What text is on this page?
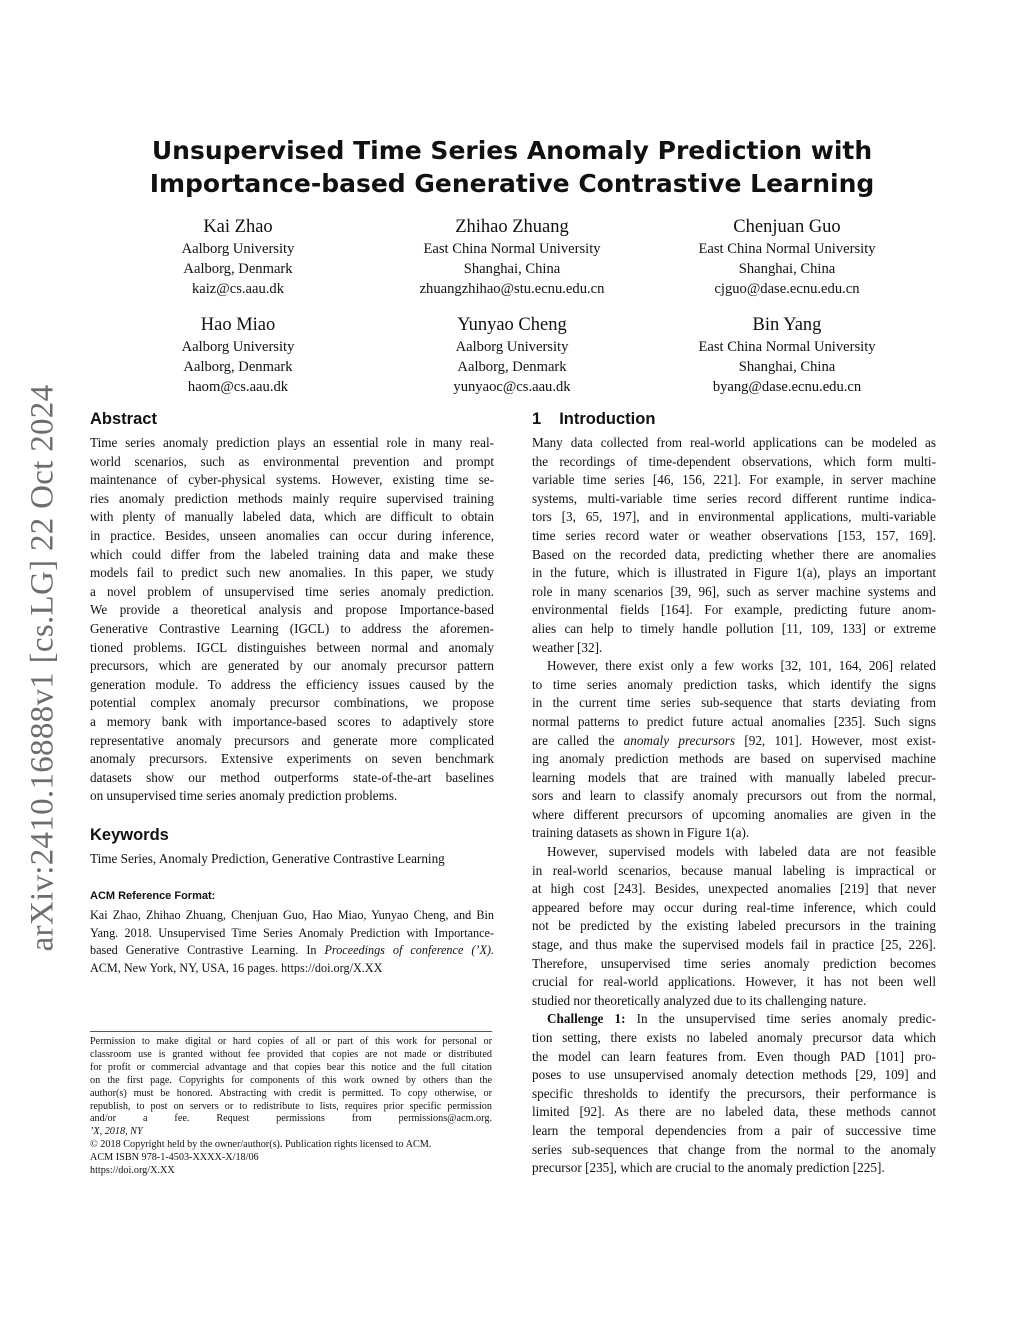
arXiv:2410.16888v1 [cs.LG] 22 Oct 2024
Unsupervised Time Series Anomaly Prediction with
Importance-based Generative Contrastive Learning
Kai Zhao
Aalborg University
Aalborg, Denmark
kaiz@cs.aau.dk
Zhihao Zhuang
East China Normal University
Shanghai, China
zhuangzhihao@stu.ecnu.edu.cn
Chenjuan Guo
East China Normal University
Shanghai, China
cjguo@dase.ecnu.edu.cn
Hao Miao
Aalborg University
Aalborg, Denmark
haom@cs.aau.dk
Yunyao Cheng
Aalborg University
Aalborg, Denmark
yunyaoc@cs.aau.dk
Bin Yang
East China Normal University
Shanghai, China
byang@dase.ecnu.edu.cn
Abstract
Time series anomaly prediction plays an essential role in many real-
world scenarios, such as environmental prevention and prompt
maintenance of cyber-physical systems. However, existing time se-
ries anomaly prediction methods mainly require supervised training
with plenty of manually labeled data, which are difficult to obtain
in practice. Besides, unseen anomalies can occur during inference,
which could differ from the labeled training data and make these
models fail to predict such new anomalies. In this paper, we study
a novel problem of unsupervised time series anomaly prediction.
We provide a theoretical analysis and propose Importance-based
Generative Contrastive Learning (IGCL) to address the aforemen-
tioned problems. IGCL distinguishes between normal and anomaly
precursors, which are generated by our anomaly precursor pattern
generation module. To address the efficiency issues caused by the
potential complex anomaly precursor combinations, we propose
a memory bank with importance-based scores to adaptively store
representative anomaly precursors and generate more complicated
anomaly precursors. Extensive experiments on seven benchmark
datasets show our method outperforms state-of-the-art baselines
on unsupervised time series anomaly prediction problems.
Keywords
Time Series, Anomaly Prediction, Generative Contrastive Learning
ACM Reference Format:
Kai Zhao, Zhihao Zhuang, Chenjuan Guo, Hao Miao, Yunyao Cheng, and Bin
Yang. 2018. Unsupervised Time Series Anomaly Prediction with Importance-
based Generative Contrastive Learning. In Proceedings of conference (’X).
ACM, New York, NY, USA, 16 pages. https://doi.org/X.XX
Permission to make digital or hard copies of all or part of this work for personal or
classroom use is granted without fee provided that copies are not made or distributed
for profit or commercial advantage and that copies bear this notice and the full citation
on the first page. Copyrights for components of this work owned by others than the
author(s) must be honored. Abstracting with credit is permitted. To copy otherwise, or
republish, to post on servers or to redistribute to lists, requires prior specific permission
and/or a fee. Request permissions from permissions@acm.org.
’X, 2018, NY
© 2018 Copyright held by the owner/author(s). Publication rights licensed to ACM.
ACM ISBN 978-1-4503-XXXX-X/18/06
https://doi.org/X.XX
1 Introduction
Many data collected from real-world applications can be modeled as
the recordings of time-dependent observations, which form multi-
variable time series [46, 156, 221]. For example, in server machine
systems, multi-variable time series record different runtime indica-
tors [3, 65, 197], and in environmental applications, multi-variable
time series record water or weather observations [153, 157, 169].
Based on the recorded data, predicting whether there are anomalies
in the future, which is illustrated in Figure 1(a), plays an important
role in many scenarios [39, 96], such as server machine systems and
environmental fields [164]. For example, predicting future anom-
alies can help to timely handle pollution [11, 109, 133] or extreme
weather [32].
However, there exist only a few works [32, 101, 164, 206] related
to time series anomaly prediction tasks, which identify the signs
in the current time series sub-sequence that starts deviating from
normal patterns to predict future actual anomalies [235]. Such signs
are called the anomaly precursors [92, 101]. However, most exist-
ing anomaly prediction methods are based on supervised machine
learning models that are trained with manually labeled precur-
sors and learn to classify anomaly precursors out from the normal,
where different precursors of upcoming anomalies are given in the
training datasets as shown in Figure 1(a).
However, supervised models with labeled data are not feasible
in real-world scenarios, because manual labeling is impractical or
at high cost [243]. Besides, unexpected anomalies [219] that never
appeared before may occur during real-time inference, which could
not be predicted by the existing labeled precursors in the training
stage, and thus make the supervised models fail in practice [25, 226].
Therefore, unsupervised time series anomaly prediction becomes
crucial for real-world applications. However, it has not been well
studied nor theoretically analyzed due to its challenging nature.
Challenge 1: In the unsupervised time series anomaly predic-
tion setting, there exists no labeled anomaly precursor data which
the model can learn features from. Even though PAD [101] pro-
poses to use unsupervised anomaly detection methods [29, 109] and
specific thresholds to identify the precursors, their performance is
limited [92]. As there are no labeled data, these methods cannot
learn the temporal dependencies from a pair of successive time
series sub-sequences that change from the normal to the anomaly
precursor [235], which are crucial to the anomaly prediction [225].
